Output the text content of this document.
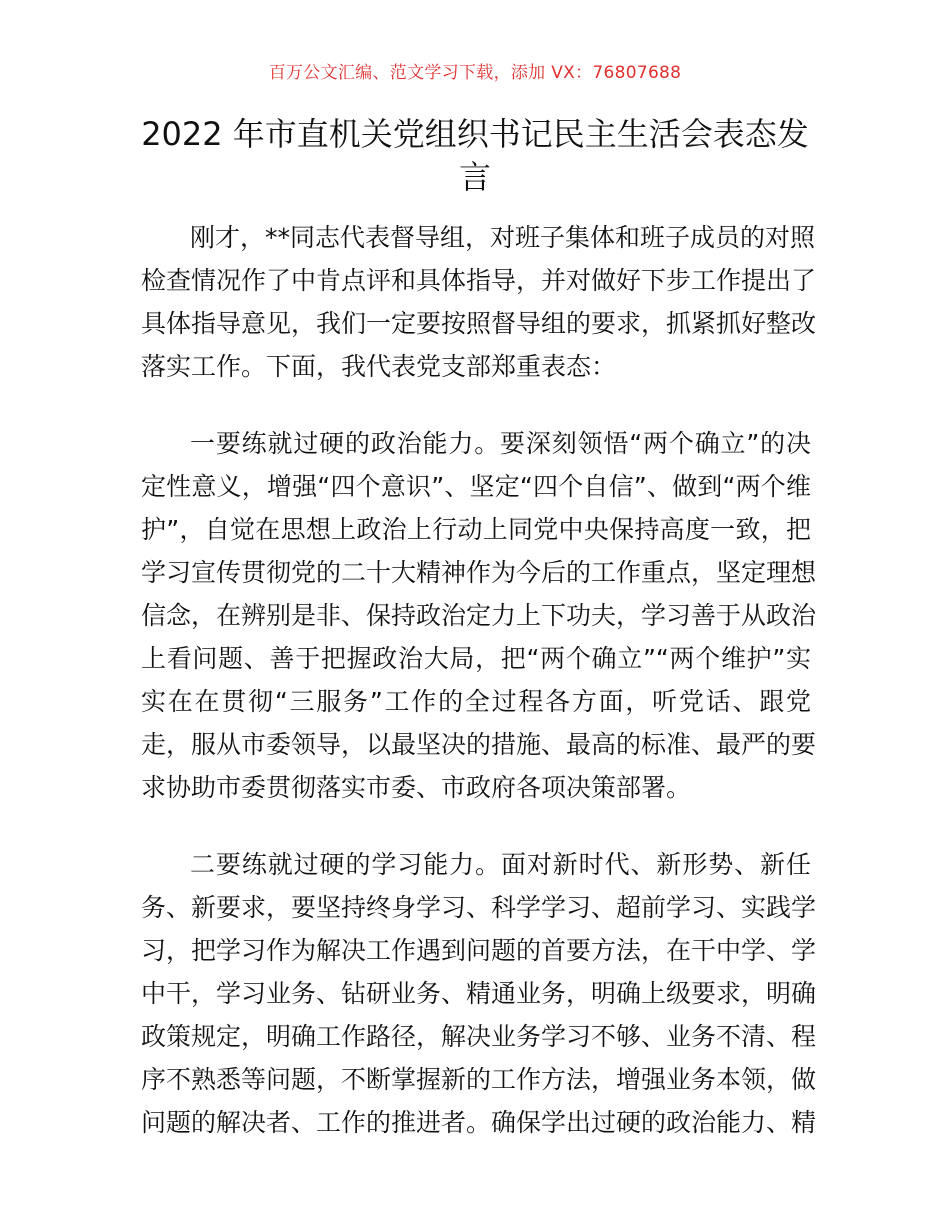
百万公文汇编、范文学习下载，添加 VX：76807688
2022 年市直机关党组织书记民主生活会表态发
言
刚才，**同志代表督导组，对班子集体和班子成员的对照
检查情况作了中肯点评和具体指导，并对做好下步工作提出了
具体指导意见，我们一定要按照督导组的要求，抓紧抓好整改
落实工作。下面，我代表党支部郑重表态：
一要练就过硬的政治能力。要深刻领悟“两个确立”的决
定性意义，增强“四个意识”、坚定“四个自信”、做到“两个维
护”，自觉在思想上政治上行动上同党中央保持高度一致，把
学习宣传贯彻党的二十大精神作为今后的工作重点，坚定理想
信念，在辨别是非、保持政治定力上下功夫，学习善于从政治
上看问题、善于把握政治大局，把“两个确立”“两个维护”实
实在在贯彻“三服务”工作的全过程各方面，听党话、跟党
走，服从市委领导，以最坚决的措施、最高的标准、最严的要
求协助市委贯彻落实市委、市政府各项决策部署。
二要练就过硬的学习能力。面对新时代、新形势、新任
务、新要求，要坚持终身学习、科学学习、超前学习、实践学
习，把学习作为解决工作遇到问题的首要方法，在干中学、学
中干，学习业务、钻研业务、精通业务，明确上级要求，明确
政策规定，明确工作路径，解决业务学习不够、业务不清、程
序不熟悉等问题，不断掌握新的工作方法，增强业务本领，做
问题的解决者、工作的推进者。确保学出过硬的政治能力、精
